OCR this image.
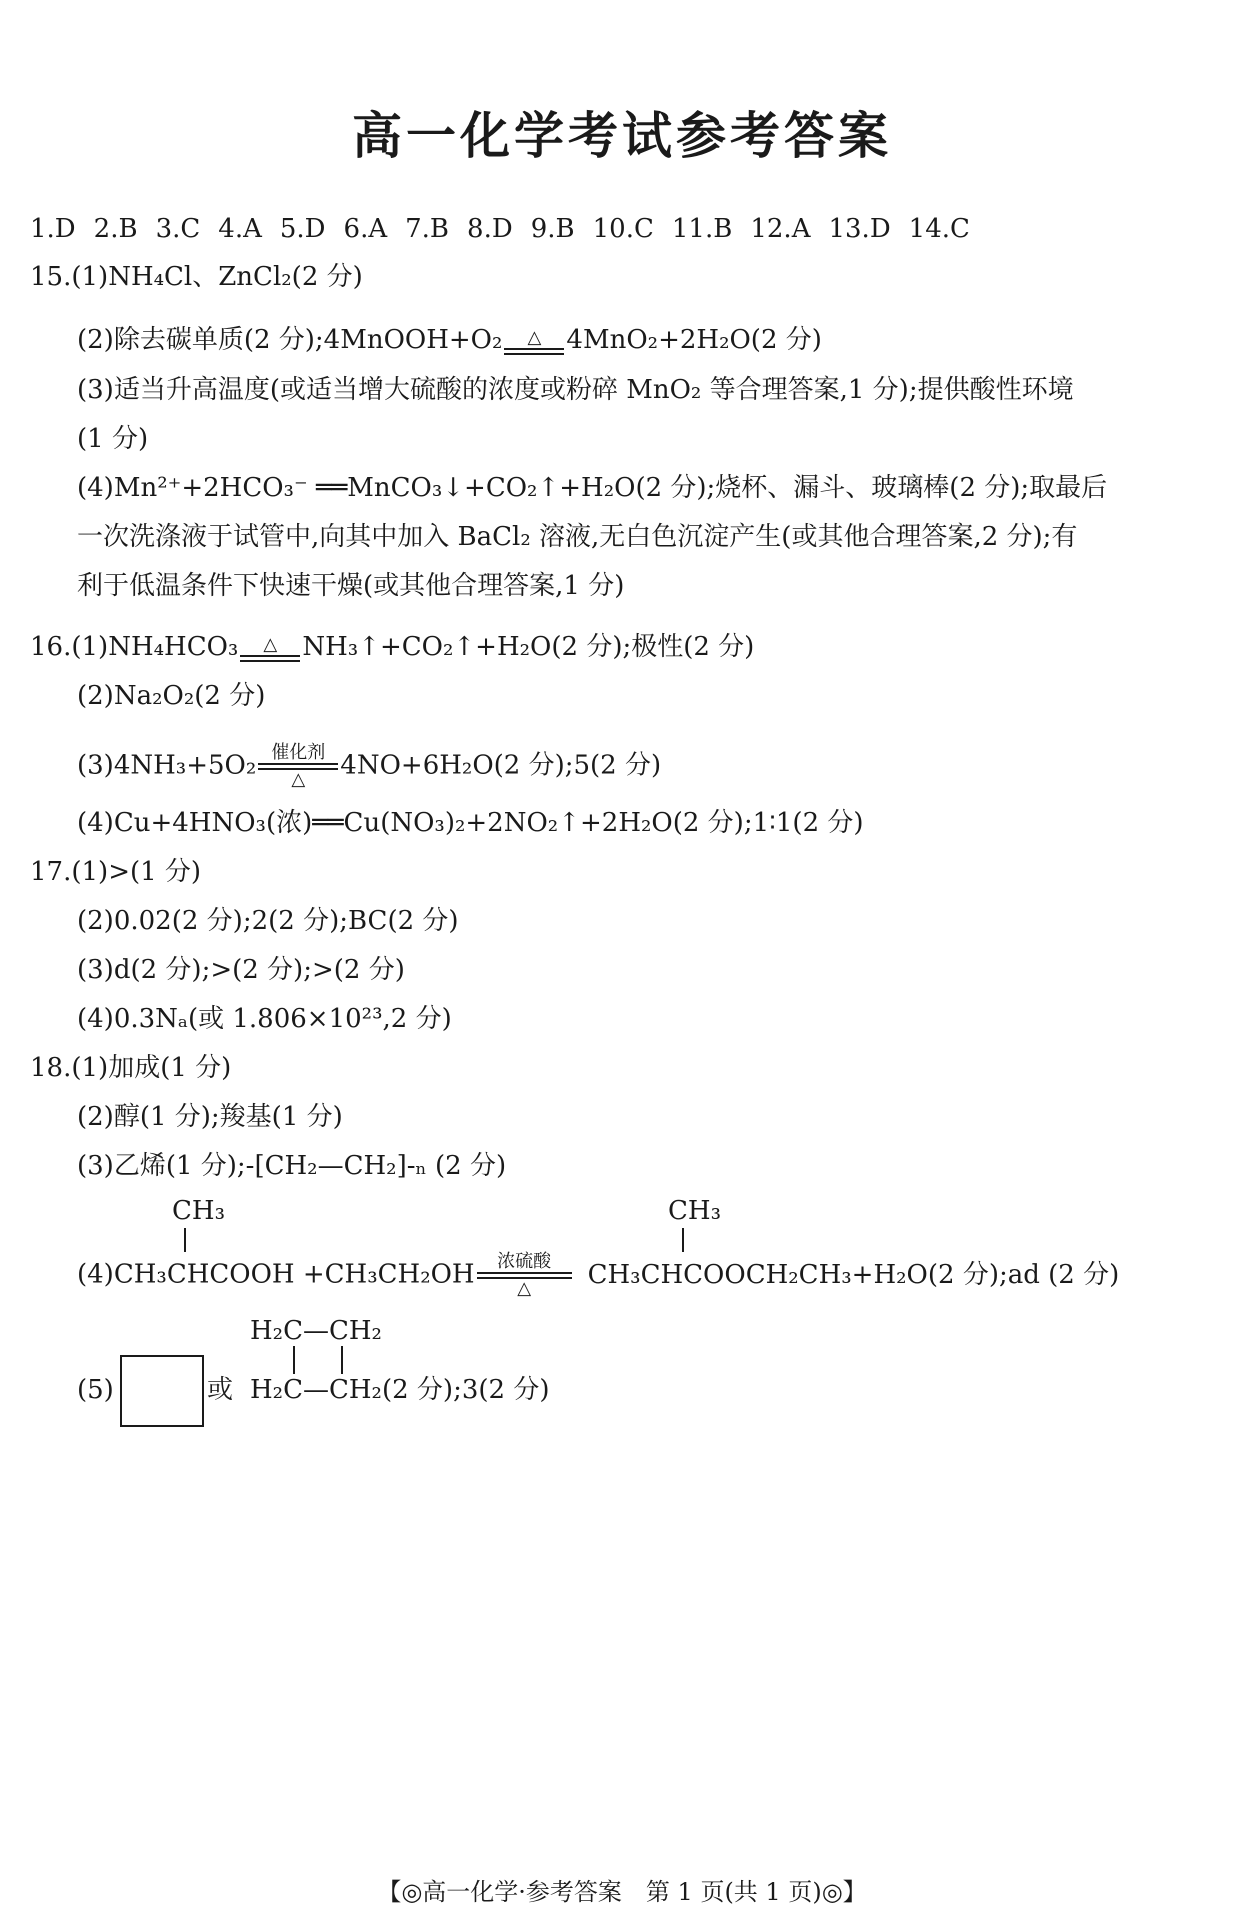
高一化学考试参考答案
1.D 2.B 3.C 4.A 5.D 6.A 7.B 8.D 9.B 10.C 11.B 12.A 13.D 14.C
15.(1)NH₄Cl、ZnCl₂(2 分)
(2)除去碳单质(2 分);4MnOOH+O₂	△ 4MnO₂+2H₂O(2 分)
(3)适当升高温度(或适当增大硫酸的浓度或粉碎 MnO₂ 等合理答案,1 分);提供酸性环境
(1 分)
(4)Mn²⁺+2HCO₃⁻ ══MnCO₃↓+CO₂↑+H₂O(2 分);烧杯、漏斗、玻璃棒(2 分);取最后
一次洗涤液于试管中,向其中加入 BaCl₂ 溶液,无白色沉淀产生(或其他合理答案,2 分);有
利于低温条件下快速干燥(或其他合理答案,1 分)
16.(1)NH₄HCO₃	△ NH₃↑+CO₂↑+H₂O(2 分);极性(2 分)
(2)Na₂O₂(2 分)
(3)4NH₃+5O₂ 催化剂
△	4NO+6H₂O(2 分);5(2 分)
(4)Cu+4HNO₃(浓)══Cu(NO₃)₂+2NO₂↑+2H₂O(2 分);1∶1(2 分)
17.(1)>(1 分)
(2)0.02(2 分);2(2 分);BC(2 分)
(3)d(2 分);>(2 分);>(2 分)
(4)0.3Nₐ(或 1.806×10²³,2 分)
18.(1)加成(1 分)
(2)醇(1 分);羧基(1 分)
(3)乙烯(1 分);-[CH₂—CH₂]-ₙ (2 分)
CH₃	CH₃
(4)CH₃CHCOOH +CH₃CH₂OH	浓硫酸
△	CH₃CHCOOCH₂CH₃+H₂O(2 分);ad (2 分)
H₂C—CH₂
(5)	或 H₂C—CH₂(2 分);3(2 分)
【◎高一化学·参考答案　第 1 页(共 1 页)◎】
